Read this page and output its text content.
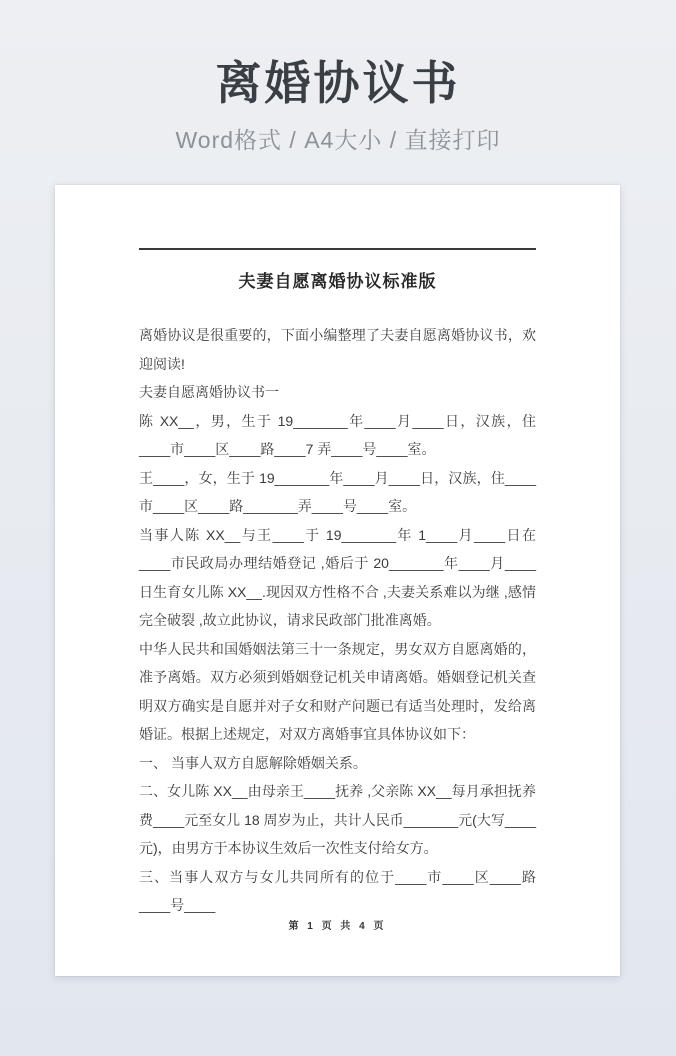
离婚协议书
Word格式 / A4大小 / 直接打印
夫妻自愿离婚协议标准版

离婚协议是很重要的，下面小编整理了夫妻自愿离婚协议书，欢迎阅读!

夫妻自愿离婚协议书一

陈 XX__，男，生于 19_______年____月____日，汉族，住____市____区____路____7 弄____号____室。

王____，女，生于 19_______年____月____日，汉族，住____市____区____路_______弄____号____室。

当事人陈 XX__与王____于 19_______年 1____月____日在____市民政局办理结婚登记 ,婚后于 20_______年____月____日生育女儿陈 XX__.现因双方性格不合 ,夫妻关系难以为继 ,感情完全破裂 ,故立此协议，请求民政部门批准离婚。

中华人民共和国婚姻法第三十一条规定，男女双方自愿离婚的，准予离婚。双方必须到婚姻登记机关申请离婚。婚姻登记机关查明双方确实是自愿并对子女和财产问题已有适当处理时，发给离婚证。根据上述规定，对双方离婚事宜具体协议如下：

一、 当事人双方自愿解除婚姻关系。

二、女儿陈 XX__由母亲王____抚养 ,父亲陈 XX__每月承担抚养费____元至女儿 18 周岁为止，共计人民币_______元(大写____元)，由男方于本协议生效后一次性支付给女方。

三、当事人双方与女儿共同所有的位于____市____区____路____号____

第 1 页 共 4 页
